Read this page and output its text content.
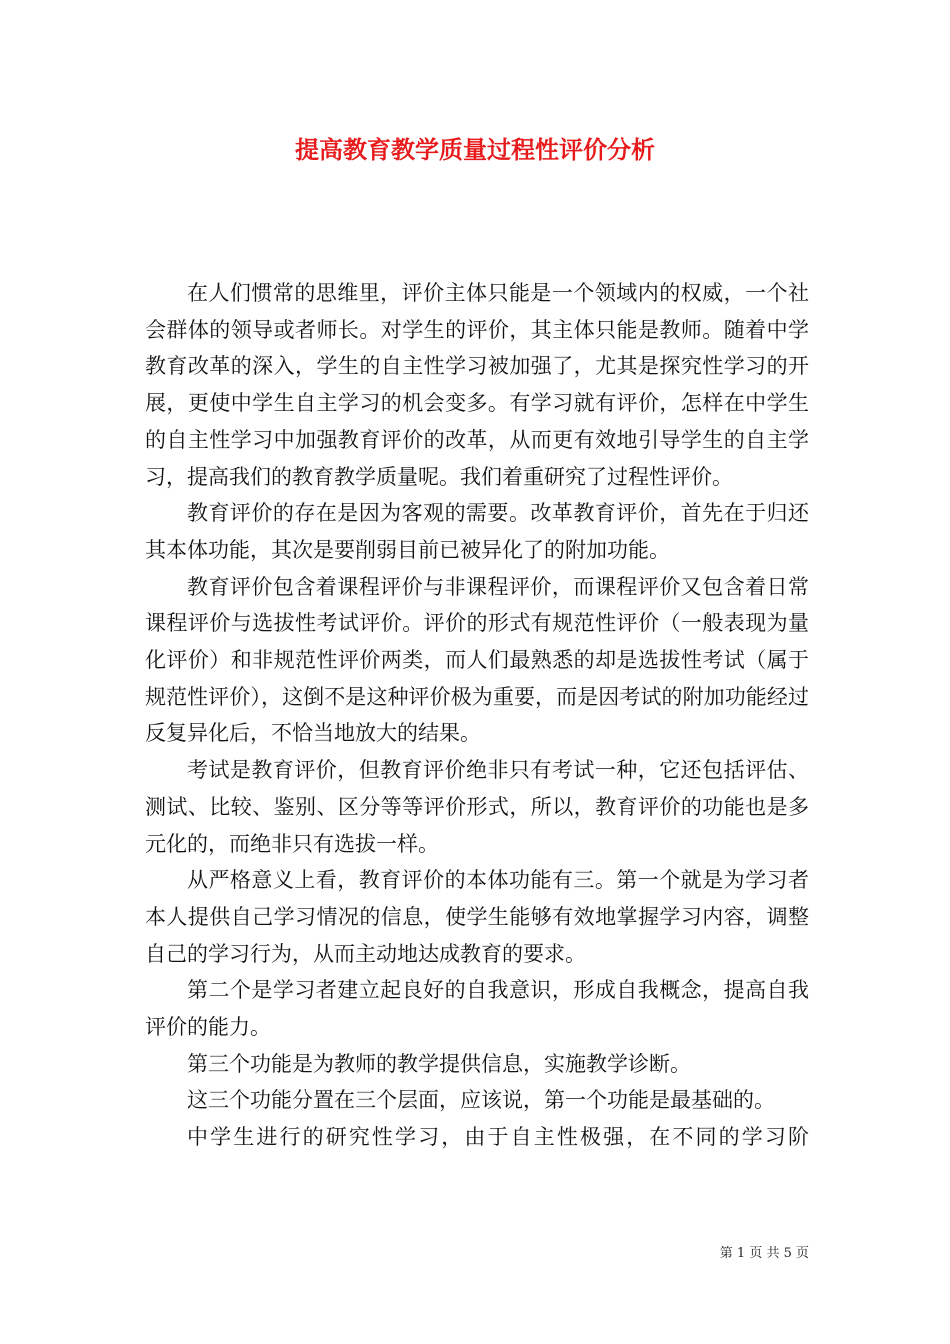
提高教育教学质量过程性评价分析

在人们惯常的思维里，评价主体只能是一个领域内的权威，一个社会群体的领导或者师长。对学生的评价，其主体只能是教师。随着中学教育改革的深入，学生的自主性学习被加强了，尤其是探究性学习的开展，更使中学生自主学习的机会变多。有学习就有评价，怎样在中学生的自主性学习中加强教育评价的改革，从而更有效地引导学生的自主学习，提高我们的教育教学质量呢。我们着重研究了过程性评价。

教育评价的存在是因为客观的需要。改革教育评价，首先在于归还其本体功能，其次是要削弱目前已被异化了的附加功能。

教育评价包含着课程评价与非课程评价，而课程评价又包含着日常课程评价与选拔性考试评价。评价的形式有规范性评价（一般表现为量化评价）和非规范性评价两类，而人们最熟悉的却是选拔性考试（属于规范性评价），这倒不是这种评价极为重要，而是因考试的附加功能经过反复异化后，不恰当地放大的结果。

考试是教育评价，但教育评价绝非只有考试一种，它还包括评估、测试、比较、鉴别、区分等等评价形式，所以，教育评价的功能也是多元化的，而绝非只有选拔一样。

从严格意义上看，教育评价的本体功能有三。第一个就是为学习者本人提供自己学习情况的信息，使学生能够有效地掌握学习内容，调整自己的学习行为，从而主动地达成教育的要求。

第二个是学习者建立起良好的自我意识，形成自我概念，提高自我评价的能力。

第三个功能是为教师的教学提供信息，实施教学诊断。

这三个功能分置在三个层面，应该说，第一个功能是最基础的。

中学生进行的研究性学习，由于自主性极强，在不同的学习阶

第 1 页 共 5 页
